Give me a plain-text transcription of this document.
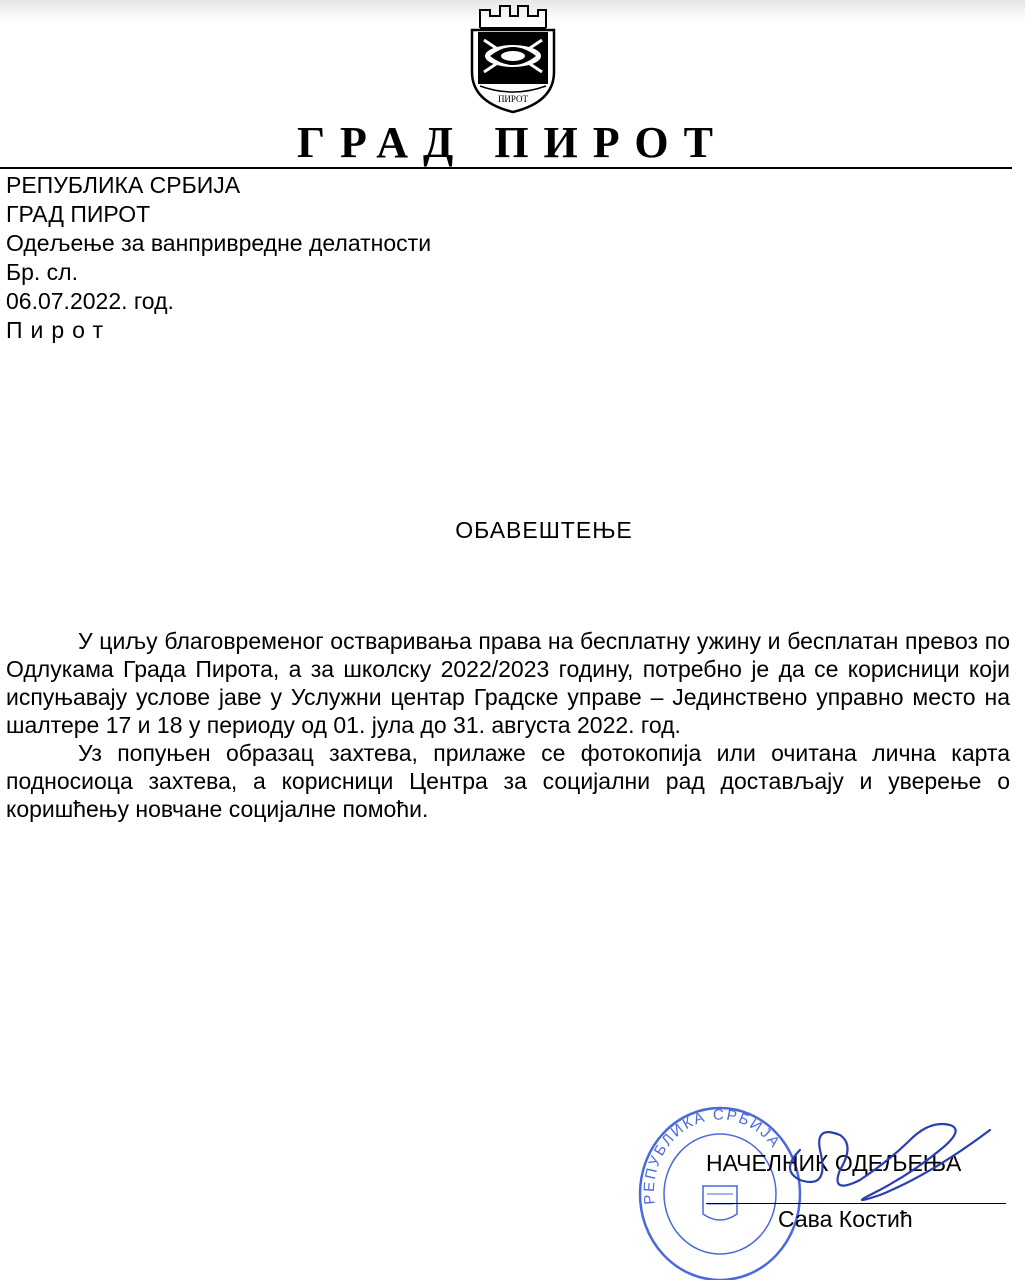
ПИРОТ
ГРАД ПИРОТ
РЕПУБЛИКА СРБИЈА
ГРАД ПИРОТ
Одељење за ванпривредне делатности
Бр. сл.
06.07.2022. год.
Пирот
ОБАВЕШТЕЊЕ

У циљу благовременог остваривања права на бесплатну ужину и бесплатан превоз по Одлукама Града Пирота, а за школску 2022/2023 годину, потребно је да се корисници који испуњавају услове јаве у Услужни центар Градске управе – Јединствено управно место на шалтере 17 и 18 у периоду од 01. јула до 31. августа 2022. год.

Уз попуњен образац захтева, прилаже се фотокопија или очитана лична карта подносиоца захтева, а корисници Центра за социјални рад достављају и уверење о коришћењу новчане социјалне помоћи.

РЕПУБЛИКА СРБИЈА
НАЧЕЛНИК ОДЕЉЕЊА
Сава Костић
